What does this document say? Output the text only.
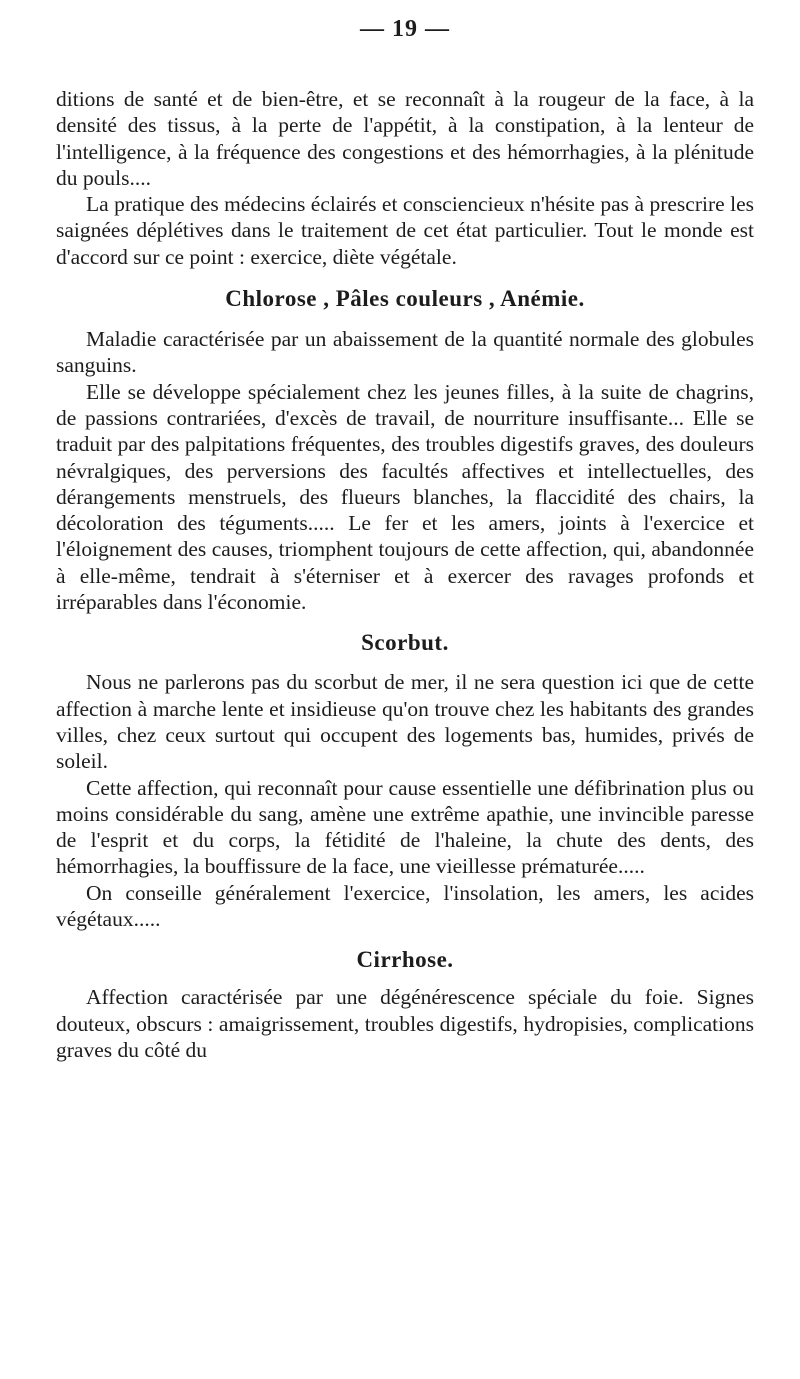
— 19 —

ditions de santé et de bien-être, et se reconnaît à la rougeur de la face, à la densité des tissus, à la perte de l'appétit, à la constipation, à la lenteur de l'intelligence, à la fréquence des congestions et des hémorrhagies, à la plénitude du pouls....

La pratique des médecins éclairés et consciencieux n'hésite pas à prescrire les saignées déplétives dans le traitement de cet état particulier. Tout le monde est d'accord sur ce point : exercice, diète végétale.

Chlorose , Pâles couleurs , Anémie.

Maladie caractérisée par un abaissement de la quantité normale des globules sanguins.

Elle se développe spécialement chez les jeunes filles, à la suite de chagrins, de passions contrariées, d'excès de travail, de nourriture insuffisante... Elle se traduit par des palpitations fréquentes, des troubles digestifs graves, des douleurs névralgiques, des perversions des facultés affectives et intellectuelles, des dérangements menstruels, des flueurs blanches, la flaccidité des chairs, la décoloration des téguments..... Le fer et les amers, joints à l'exercice et l'éloignement des causes, triomphent toujours de cette affection, qui, abandonnée à elle-même, tendrait à s'éterniser et à exercer des ravages profonds et irréparables dans l'économie.

Scorbut.

Nous ne parlerons pas du scorbut de mer, il ne sera question ici que de cette affection à marche lente et insidieuse qu'on trouve chez les habitants des grandes villes, chez ceux surtout qui occupent des logements bas, humides, privés de soleil.

Cette affection, qui reconnaît pour cause essentielle une défibrination plus ou moins considérable du sang, amène une extrême apathie, une invincible paresse de l'esprit et du corps, la fétidité de l'haleine, la chute des dents, des hémorrhagies, la bouffissure de la face, une vieillesse prématurée.....

On conseille généralement l'exercice, l'insolation, les amers, les acides végétaux.....

Cirrhose.

Affection caractérisée par une dégénérescence spéciale du foie. Signes douteux, obscurs : amaigrissement, troubles digestifs, hydropisies, complications graves du côté du
